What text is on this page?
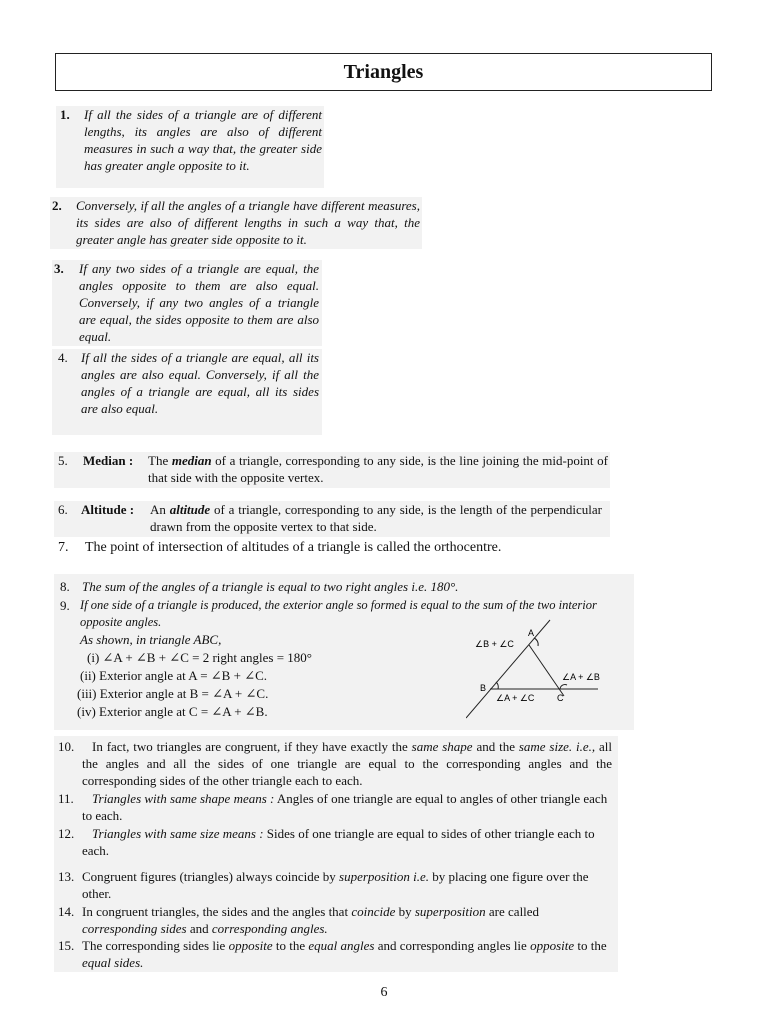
Triangles
1. If all the sides of a triangle are of different lengths, its angles are also of different measures in such a way that, the greater side has greater angle opposite to it.
2. Conversely, if all the angles of a triangle have different measures, its sides are also of different lengths in such a way that, the greater angle has greater side opposite to it.
3. If any two sides of a triangle are equal, the angles opposite to them are also equal. Conversely, if any two angles of a triangle are equal, the sides opposite to them are also equal.
4. If all the sides of a triangle are equal, all its angles are also equal. Conversely, if all the angles of a triangle are equal, all its sides are also equal.
5. Median : The median of a triangle, corresponding to any side, is the line joining the mid-point of that side with the opposite vertex.
6. Altitude : An altitude of a triangle, corresponding to any side, is the length of the perpendicular drawn from the opposite vertex to that side.
7. The point of intersection of altitudes of a triangle is called the orthocentre.
8. The sum of the angles of a triangle is equal to two right angles i.e. 180°.
9. If one side of a triangle is produced, the exterior angle so formed is equal to the sum of the two interior opposite angles.
As shown, in triangle ABC,
(i) ∠A + ∠B + ∠C = 2 right angles = 180°
(ii) Exterior angle at A = ∠B + ∠C.
(iii) Exterior angle at B = ∠A + ∠C.
(iv) Exterior angle at C = ∠A + ∠B.
∠B + ∠C
A
∠A + ∠B
B
∠A + ∠C	C
10.	In fact, two triangles are congruent, if they have exactly the same shape and the same size. i.e., all the angles and all the sides of one triangle are equal to the corresponding angles and the corresponding sides of the other triangle each to each.
11.	Triangles with same shape means : Angles of one triangle are equal to angles of other triangle each to each.
12.	Triangles with same size means : Sides of one triangle are equal to sides of other triangle each to each.
13. Congruent figures (triangles) always coincide by superposition i.e. by placing one figure over the other.
14. In congruent triangles, the sides and the angles that coincide by superposition are called corresponding sides and corresponding angles.
15. The corresponding sides lie opposite to the equal angles and corresponding angles lie opposite to the equal sides.
6
